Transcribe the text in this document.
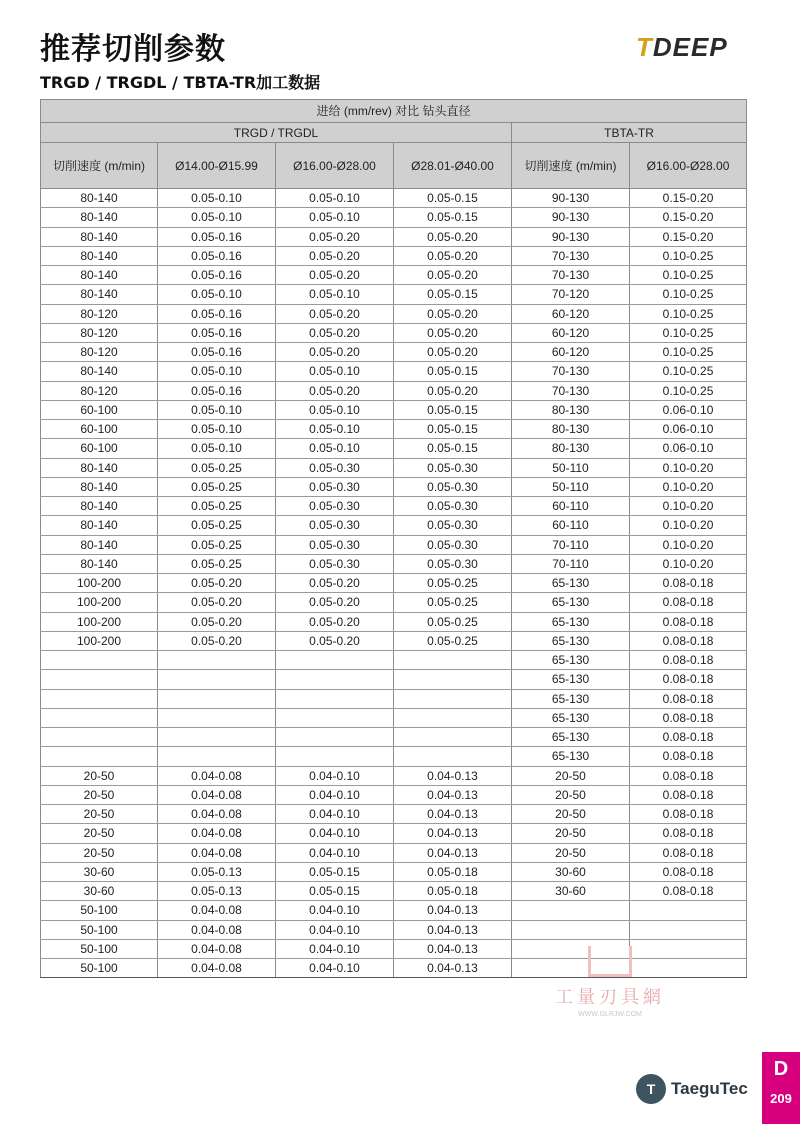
推荐切削参数
TRGD / TRGDL / TBTA-TR加工数据
TDEEP
进给 (mm/rev) 对比 钻头直径					
TRGD / TRGDL				TBTA-TR	
切削速度 (m/min)	Ø14.00-Ø15.99	Ø16.00-Ø28.00	Ø28.01-Ø40.00	切削速度 (m/min)	Ø16.00-Ø28.00
80-140	0.05-0.10	0.05-0.10	0.05-0.15	90-130	0.15-0.20
80-140	0.05-0.10	0.05-0.10	0.05-0.15	90-130	0.15-0.20
80-140	0.05-0.16	0.05-0.20	0.05-0.20	90-130	0.15-0.20
80-140	0.05-0.16	0.05-0.20	0.05-0.20	70-130	0.10-0.25
80-140	0.05-0.16	0.05-0.20	0.05-0.20	70-130	0.10-0.25
80-140	0.05-0.10	0.05-0.10	0.05-0.15	70-120	0.10-0.25
80-120	0.05-0.16	0.05-0.20	0.05-0.20	60-120	0.10-0.25
80-120	0.05-0.16	0.05-0.20	0.05-0.20	60-120	0.10-0.25
80-120	0.05-0.16	0.05-0.20	0.05-0.20	60-120	0.10-0.25
80-140	0.05-0.10	0.05-0.10	0.05-0.15	70-130	0.10-0.25
80-120	0.05-0.16	0.05-0.20	0.05-0.20	70-130	0.10-0.25
60-100	0.05-0.10	0.05-0.10	0.05-0.15	80-130	0.06-0.10
60-100	0.05-0.10	0.05-0.10	0.05-0.15	80-130	0.06-0.10
60-100	0.05-0.10	0.05-0.10	0.05-0.15	80-130	0.06-0.10
80-140	0.05-0.25	0.05-0.30	0.05-0.30	50-110	0.10-0.20
80-140	0.05-0.25	0.05-0.30	0.05-0.30	50-110	0.10-0.20
80-140	0.05-0.25	0.05-0.30	0.05-0.30	60-110	0.10-0.20
80-140	0.05-0.25	0.05-0.30	0.05-0.30	60-110	0.10-0.20
80-140	0.05-0.25	0.05-0.30	0.05-0.30	70-110	0.10-0.20
80-140	0.05-0.25	0.05-0.30	0.05-0.30	70-110	0.10-0.20
100-200	0.05-0.20	0.05-0.20	0.05-0.25	65-130	0.08-0.18
100-200	0.05-0.20	0.05-0.20	0.05-0.25	65-130	0.08-0.18
100-200	0.05-0.20	0.05-0.20	0.05-0.25	65-130	0.08-0.18
100-200	0.05-0.20	0.05-0.20	0.05-0.25	65-130	0.08-0.18
				65-130	0.08-0.18
				65-130	0.08-0.18
				65-130	0.08-0.18
				65-130	0.08-0.18
				65-130	0.08-0.18
				65-130	0.08-0.18
20-50	0.04-0.08	0.04-0.10	0.04-0.13	20-50	0.08-0.18
20-50	0.04-0.08	0.04-0.10	0.04-0.13	20-50	0.08-0.18
20-50	0.04-0.08	0.04-0.10	0.04-0.13	20-50	0.08-0.18
20-50	0.04-0.08	0.04-0.10	0.04-0.13	20-50	0.08-0.18
20-50	0.04-0.08	0.04-0.10	0.04-0.13	20-50	0.08-0.18
30-60	0.05-0.13	0.05-0.15	0.05-0.18	30-60	0.08-0.18
30-60	0.05-0.13	0.05-0.15	0.05-0.18	30-60	0.08-0.18
50-100	0.04-0.08	0.04-0.10	0.04-0.13		
50-100	0.04-0.08	0.04-0.10	0.04-0.13		
50-100	0.04-0.08	0.04-0.10	0.04-0.13		
50-100	0.04-0.08	0.04-0.10	0.04-0.13		
工量刃具網
WWW.GLRJW.COM
T TaeguTec
D
209
